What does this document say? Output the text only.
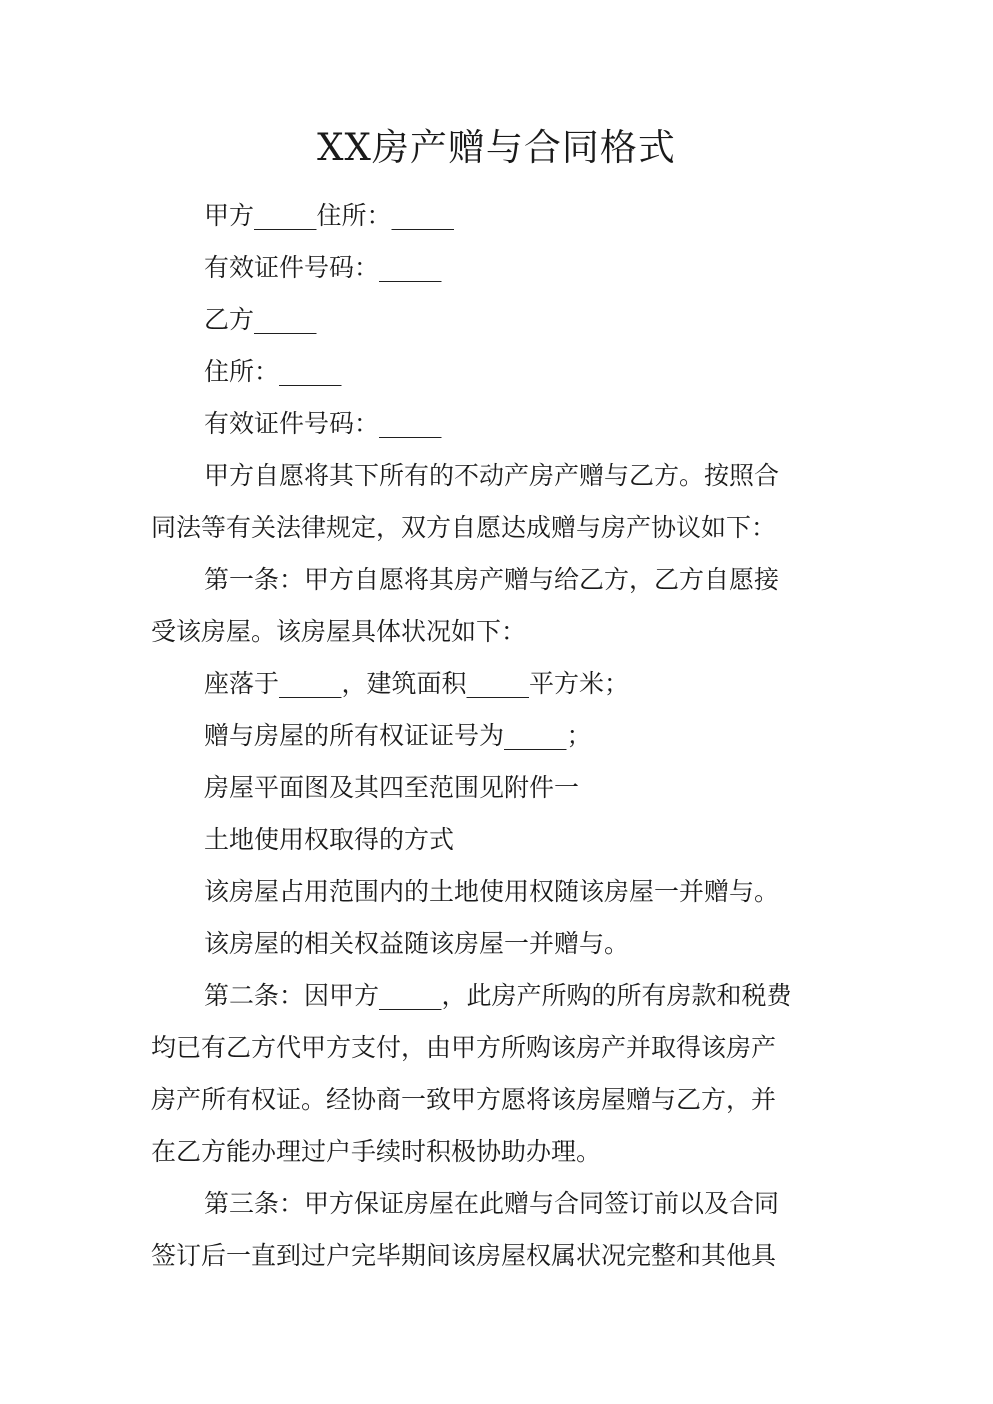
XX房产赠与合同格式
甲方_____住所：_____
有效证件号码：_____
乙方_____
住所：_____
有效证件号码：_____
甲方自愿将其下所有的不动产房产赠与乙方。按照合
同法等有关法律规定，双方自愿达成赠与房产协议如下：
第一条：甲方自愿将其房产赠与给乙方，乙方自愿接
受该房屋。该房屋具体状况如下：
座落于_____，建筑面积_____平方米；
赠与房屋的所有权证证号为_____；
房屋平面图及其四至范围见附件一
土地使用权取得的方式
该房屋占用范围内的土地使用权随该房屋一并赠与。
该房屋的相关权益随该房屋一并赠与。
第二条：因甲方_____，此房产所购的所有房款和税费
均已有乙方代甲方支付，由甲方所购该房产并取得该房产
房产所有权证。经协商一致甲方愿将该房屋赠与乙方，并
在乙方能办理过户手续时积极协助办理。
第三条：甲方保证房屋在此赠与合同签订前以及合同
签订后一直到过户完毕期间该房屋权属状况完整和其他具
